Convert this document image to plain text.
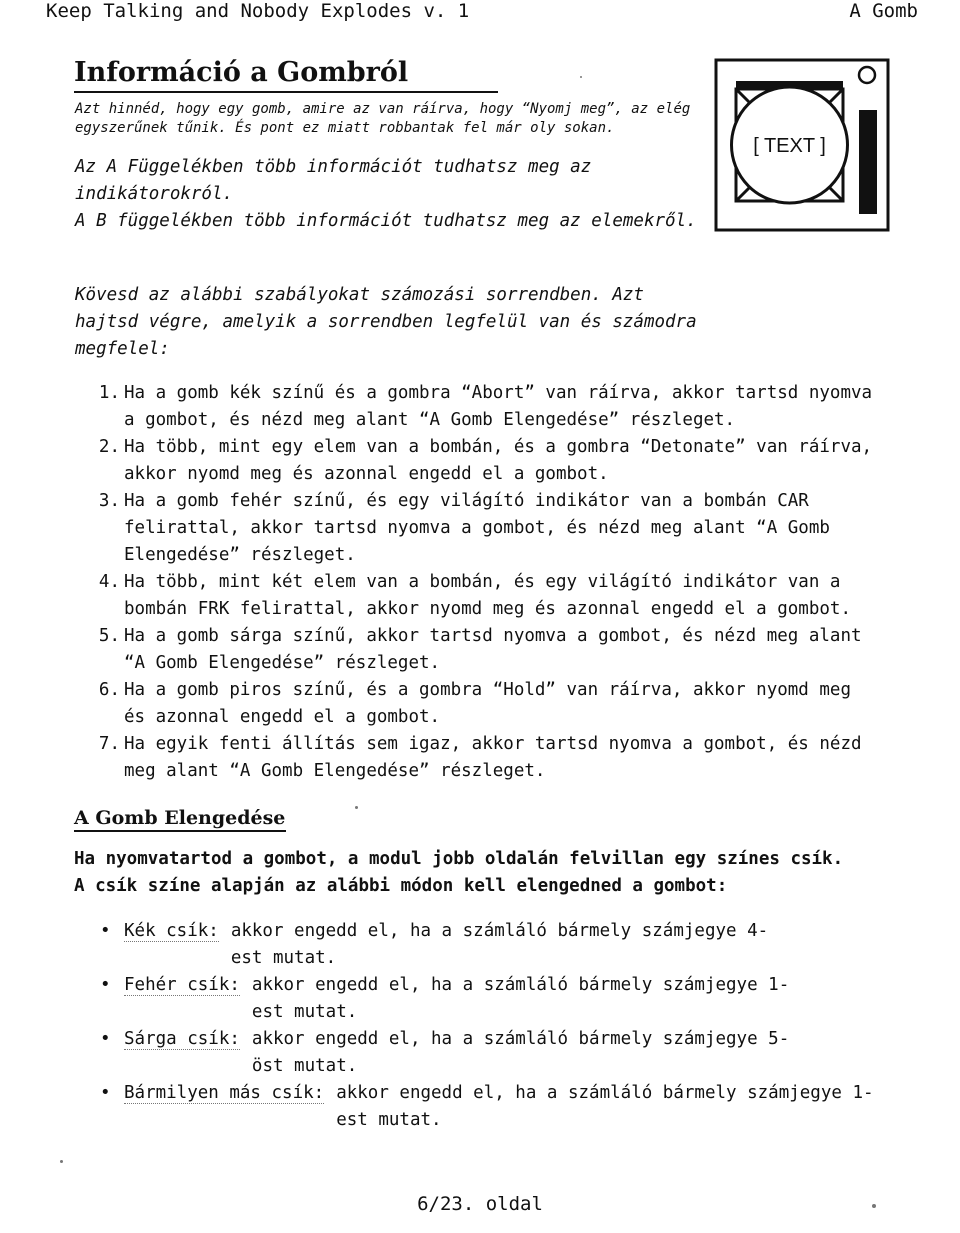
Keep Talking and Nobody Explodes v. 1	A Gomb
Információ a Gombról
Azt hinnéd, hogy egy gomb, amire az van ráírva, hogy “Nyomj meg”, az elég egyszerűnek tűnik. És pont ez miatt robbantak fel már oly sokan.
Az A Függelékben több információt tudhatsz meg az indikátorokról.
A B függelékben több információt tudhatsz meg az elemekről.
[ TEXT ]
Kövesd az alábbi szabályokat számozási sorrendben. Azt hajtsd végre, amelyik a sorrendben legfelül van és számodra megfelel:
1. Ha a gomb kék színű és a gombra “Abort” van ráírva, akkor tartsd nyomva a gombot, és nézd meg alant “A Gomb Elengedése” részleget.
2. Ha több, mint egy elem van a bombán, és a gombra “Detonate” van ráírva, akkor nyomd meg és azonnal engedd el a gombot.
3. Ha a gomb fehér színű, és egy világító indikátor van a bombán CAR felirattal, akkor tartsd nyomva a gombot, és nézd meg alant “A Gomb Elengedése” részleget.
4. Ha több, mint két elem van a bombán, és egy világító indikátor van a bombán FRK felirattal, akkor nyomd meg és azonnal engedd el a gombot.
5. Ha a gomb sárga színű, akkor tartsd nyomva a gombot, és nézd meg alant “A Gomb Elengedése” részleget.
6. Ha a gomb piros színű, és a gombra “Hold” van ráírva, akkor nyomd meg és azonnal engedd el a gombot.
7. Ha egyik fenti állítás sem igaz, akkor tartsd nyomva a gombot, és nézd meg alant “A Gomb Elengedése” részleget.
A Gomb Elengedése
Ha nyomvatartod a gombot, a modul jobb oldalán felvillan egy színes csík. A csík színe alapján az alábbi módon kell elengedned a gombot:
• Kék csík: akkor engedd el, ha a számláló bármely számjegye 4-est mutat.
• Fehér csík: akkor engedd el, ha a számláló bármely számjegye 1-est mutat.
• Sárga csík: akkor engedd el, ha a számláló bármely számjegye 5-öst mutat.
• Bármilyen más csík: akkor engedd el, ha a számláló bármely számjegye 1-est mutat.
6/23. oldal
